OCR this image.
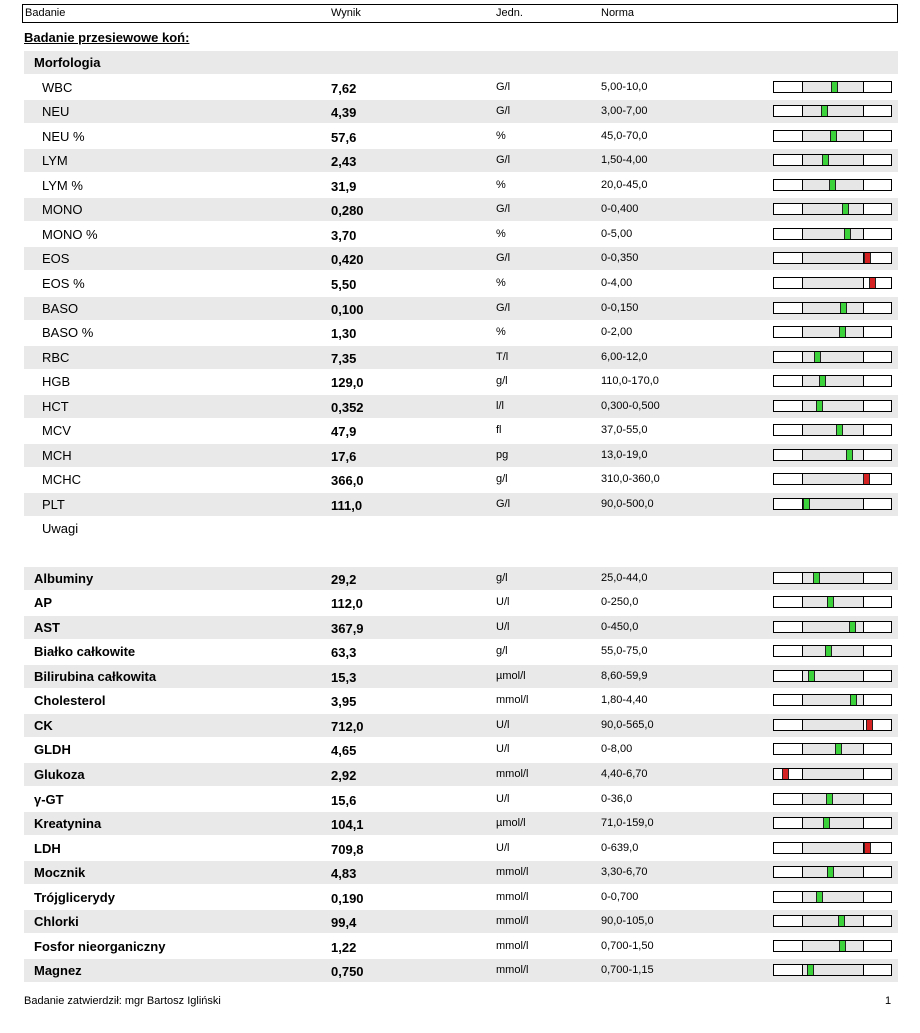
Badanie	Wynik	Jedn.	Norma
Badanie przesiewowe koń:
Morfologia
WBC	7,62	G/l	5,00-10,0
NEU	4,39	G/l	3,00-7,00
NEU %	57,6	%	45,0-70,0
LYM	2,43	G/l	1,50-4,00
LYM %	31,9	%	20,0-45,0
MONO	0,280	G/l	0-0,400
MONO %	3,70	%	0-5,00
EOS	0,420	G/l	0-0,350
EOS %	5,50	%	0-4,00
BASO	0,100	G/l	0-0,150
BASO %	1,30	%	0-2,00
RBC	7,35	T/l	6,00-12,0
HGB	129,0	g/l	110,0-170,0
HCT	0,352	l/l	0,300-0,500
MCV	47,9	fl	37,0-55,0
MCH	17,6	pg	13,0-19,0
MCHC	366,0	g/l	310,0-360,0
PLT	111,0	G/l	90,0-500,0
Uwagi
Albuminy	29,2	g/l	25,0-44,0
AP	112,0	U/l	0-250,0
AST	367,9	U/l	0-450,0
Białko całkowite	63,3	g/l	55,0-75,0
Bilirubina całkowita	15,3	µmol/l	8,60-59,9
Cholesterol	3,95	mmol/l	1,80-4,40
CK	712,0	U/l	90,0-565,0
GLDH	4,65	U/l	0-8,00
Glukoza	2,92	mmol/l	4,40-6,70
γ-GT	15,6	U/l	0-36,0
Kreatynina	104,1	µmol/l	71,0-159,0
LDH	709,8	U/l	0-639,0
Mocznik	4,83	mmol/l	3,30-6,70
Trójglicerydy	0,190	mmol/l	0-0,700
Chlorki	99,4	mmol/l	90,0-105,0
Fosfor nieorganiczny	1,22	mmol/l	0,700-1,50
Magnez	0,750	mmol/l	0,700-1,15
Badanie zatwierdził: mgr Bartosz Igliński	1
